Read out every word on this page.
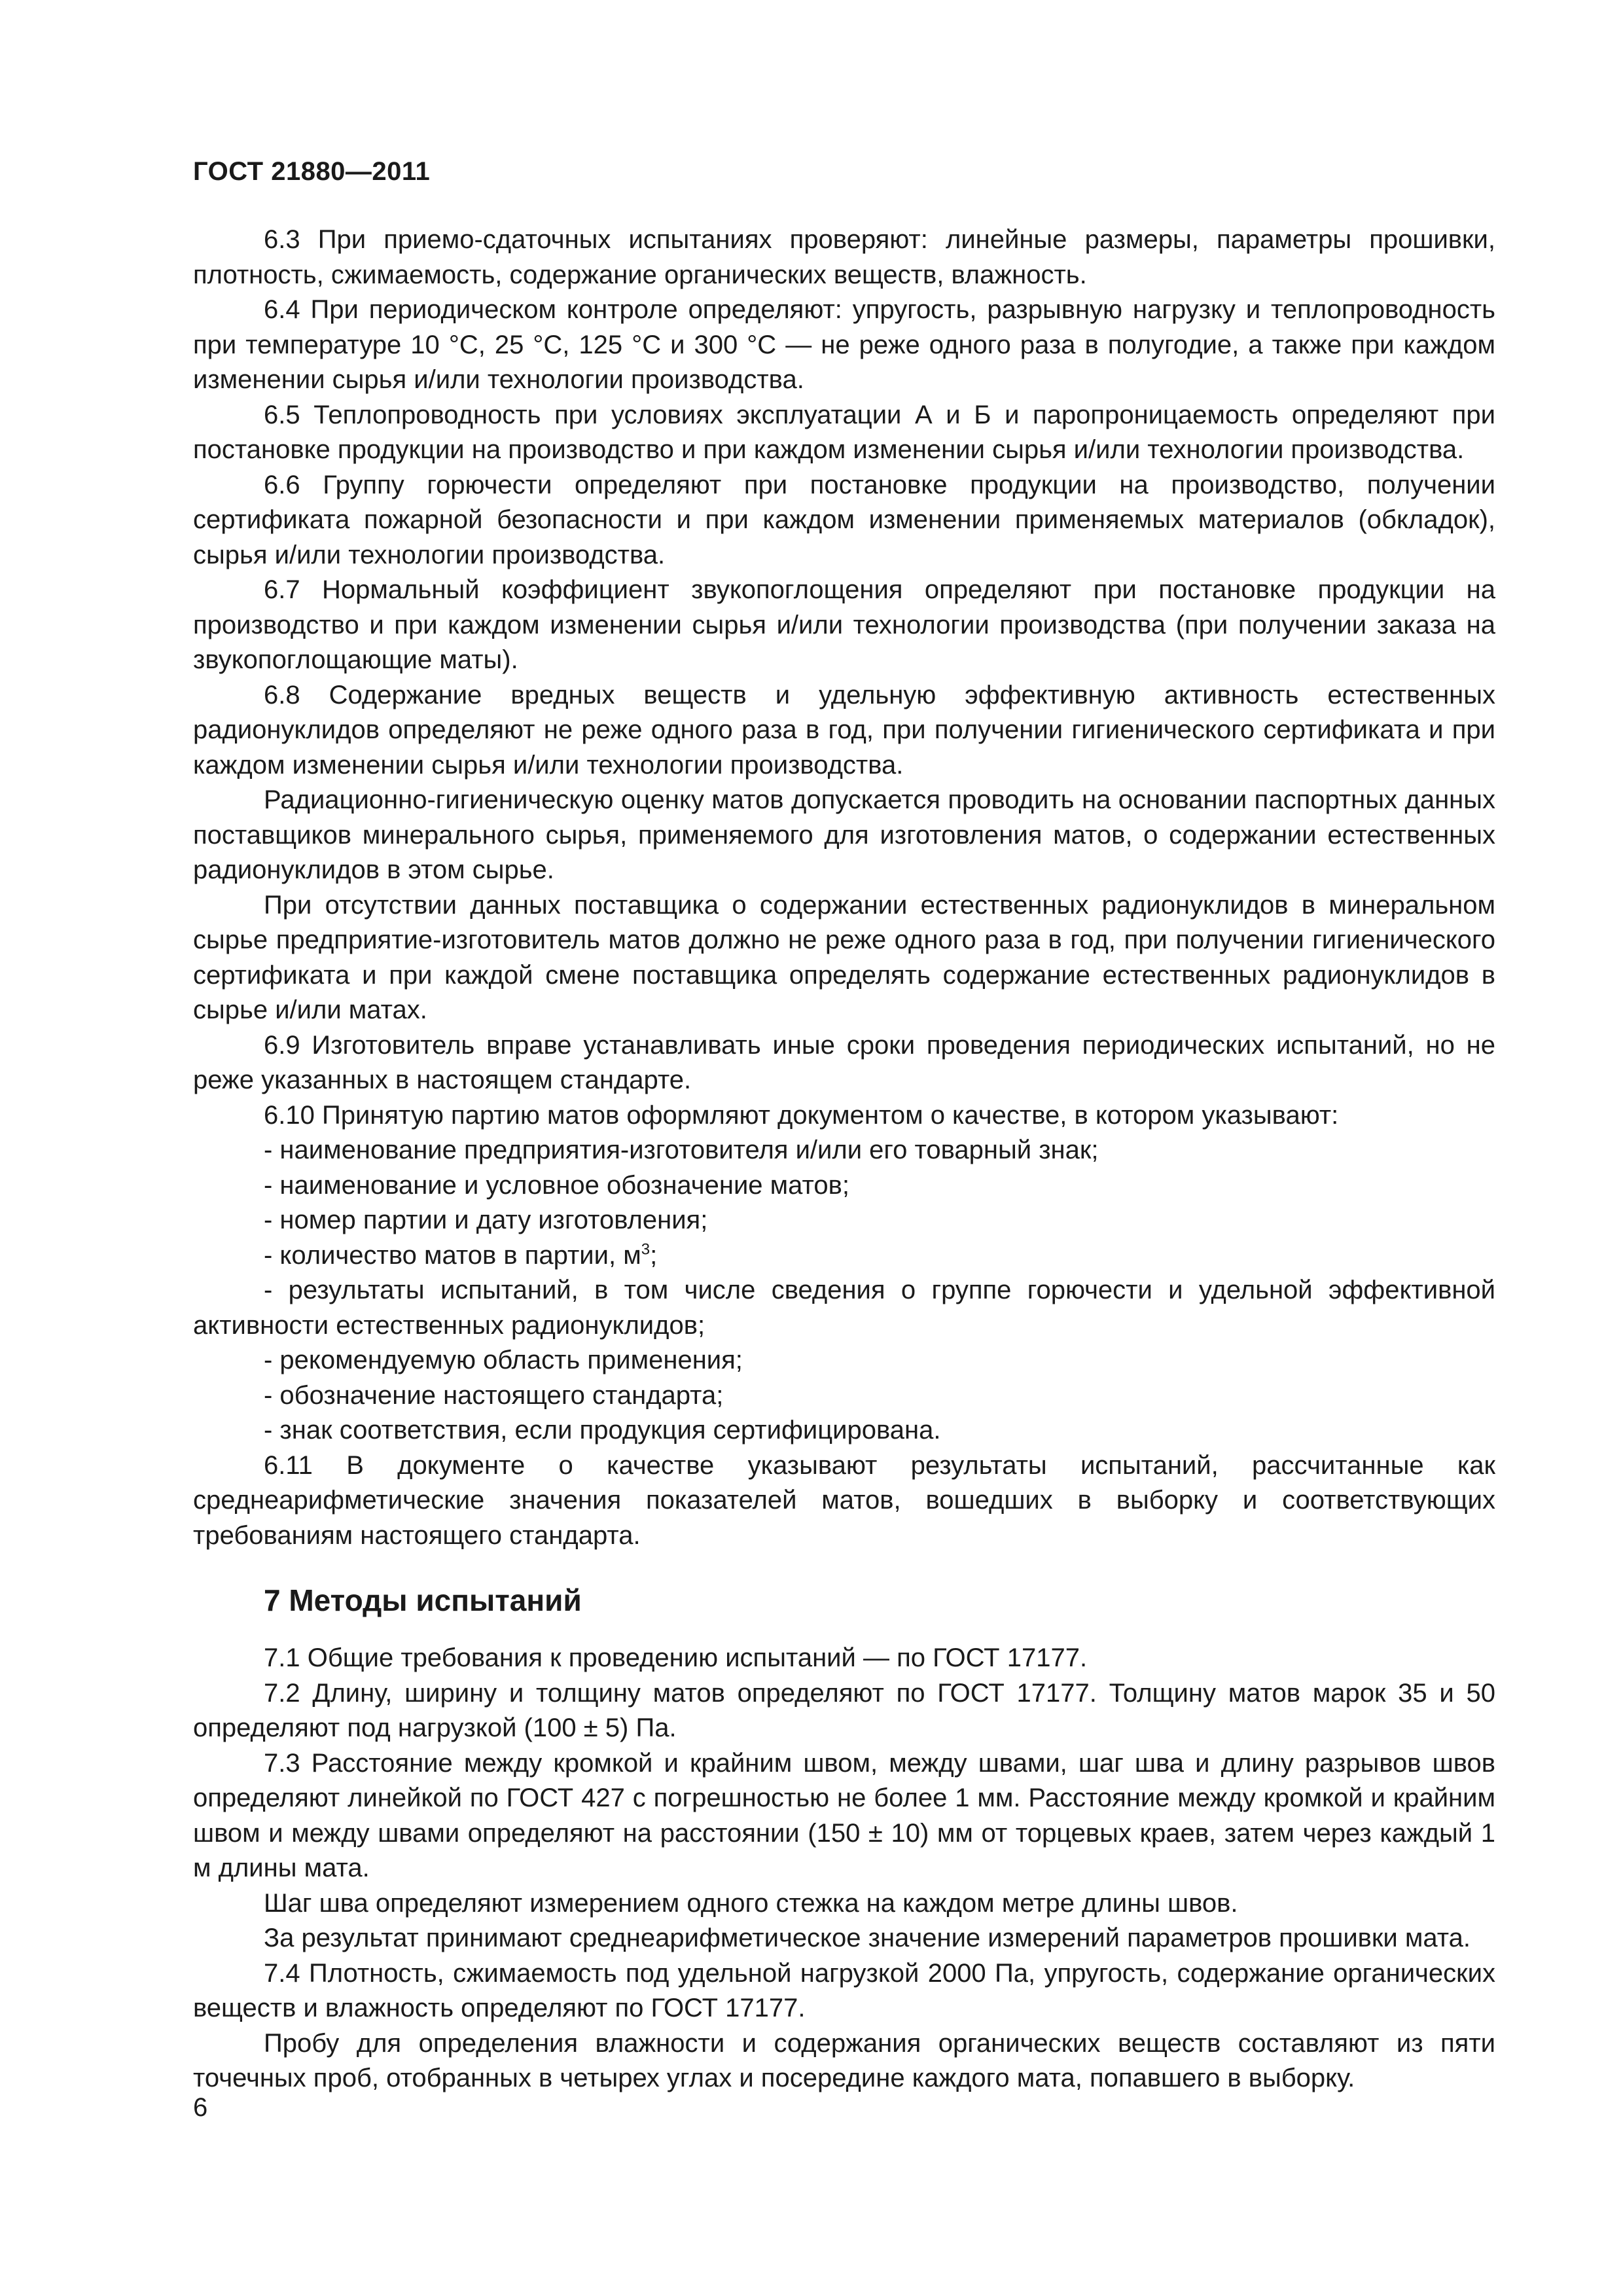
ГОСТ 21880—2011

6.3 При приемо-сдаточных испытаниях проверяют: линейные размеры, параметры прошивки, плотность, сжимаемость, содержание органических веществ, влажность.

6.4 При периодическом контроле определяют: упругость, разрывную нагрузку и теплопроводность при температуре 10 °С, 25 °С, 125 °С и 300 °С — не реже одного раза в полугодие, а также при каждом изменении сырья и/или технологии производства.

6.5 Теплопроводность при условиях эксплуатации А и Б и паропроницаемость определяют при постановке продукции на производство и при каждом изменении сырья и/или технологии производства.

6.6 Группу горючести определяют при постановке продукции на производство, получении сертификата пожарной безопасности и при каждом изменении применяемых материалов (обкладок), сырья и/или технологии производства.

6.7 Нормальный коэффициент звукопоглощения определяют при постановке продукции на производство и при каждом изменении сырья и/или технологии производства (при получении заказа на звукопоглощающие маты).

6.8 Содержание вредных веществ и удельную эффективную активность естественных радионуклидов определяют не реже одного раза в год, при получении гигиенического сертификата и при каждом изменении сырья и/или технологии производства.

Радиационно-гигиеническую оценку матов допускается проводить на основании паспортных данных поставщиков минерального сырья, применяемого для изготовления матов, о содержании естественных радионуклидов в этом сырье.

При отсутствии данных поставщика о содержании естественных радионуклидов в минеральном сырье предприятие-изготовитель матов должно не реже одного раза в год, при получении гигиенического сертификата и при каждой смене поставщика определять содержание естественных радионуклидов в сырье и/или матах.

6.9 Изготовитель вправе устанавливать иные сроки проведения периодических испытаний, но не реже указанных в настоящем стандарте.

6.10 Принятую партию матов оформляют документом о качестве, в котором указывают:

- наименование предприятия-изготовителя и/или его товарный знак;

- наименование и условное обозначение матов;

- номер партии и дату изготовления;

- количество матов в партии, $м^3$;

- результаты испытаний, в том числе сведения о группе горючести и удельной эффективной активности естественных радионуклидов;

- рекомендуемую область применения;

- обозначение настоящего стандарта;

- знак соответствия, если продукция сертифицирована.

6.11 В документе о качестве указывают результаты испытаний, рассчитанные как среднеарифметические значения показателей матов, вошедших в выборку и соответствующих требованиям настоящего стандарта.

7 Методы испытаний

7.1 Общие требования к проведению испытаний — по ГОСТ 17177.

7.2 Длину, ширину и толщину матов определяют по ГОСТ 17177. Толщину матов марок 35 и 50 определяют под нагрузкой (100 ± 5) Па.

7.3 Расстояние между кромкой и крайним швом, между швами, шаг шва и длину разрывов швов определяют линейкой по ГОСТ 427 с погрешностью не более 1 мм. Расстояние между кромкой и крайним швом и между швами определяют на расстоянии (150 ± 10) мм от торцевых краев, затем через каждый 1 м длины мата.

Шаг шва определяют измерением одного стежка на каждом метре длины швов.

За результат принимают среднеарифметическое значение измерений параметров прошивки мата.

7.4 Плотность, сжимаемость под удельной нагрузкой 2000 Па, упругость, содержание органических веществ и влажность определяют по ГОСТ 17177.

Пробу для определения влажности и содержания органических веществ составляют из пяти точечных проб, отобранных в четырех углах и посередине каждого мата, попавшего в выборку.

6
